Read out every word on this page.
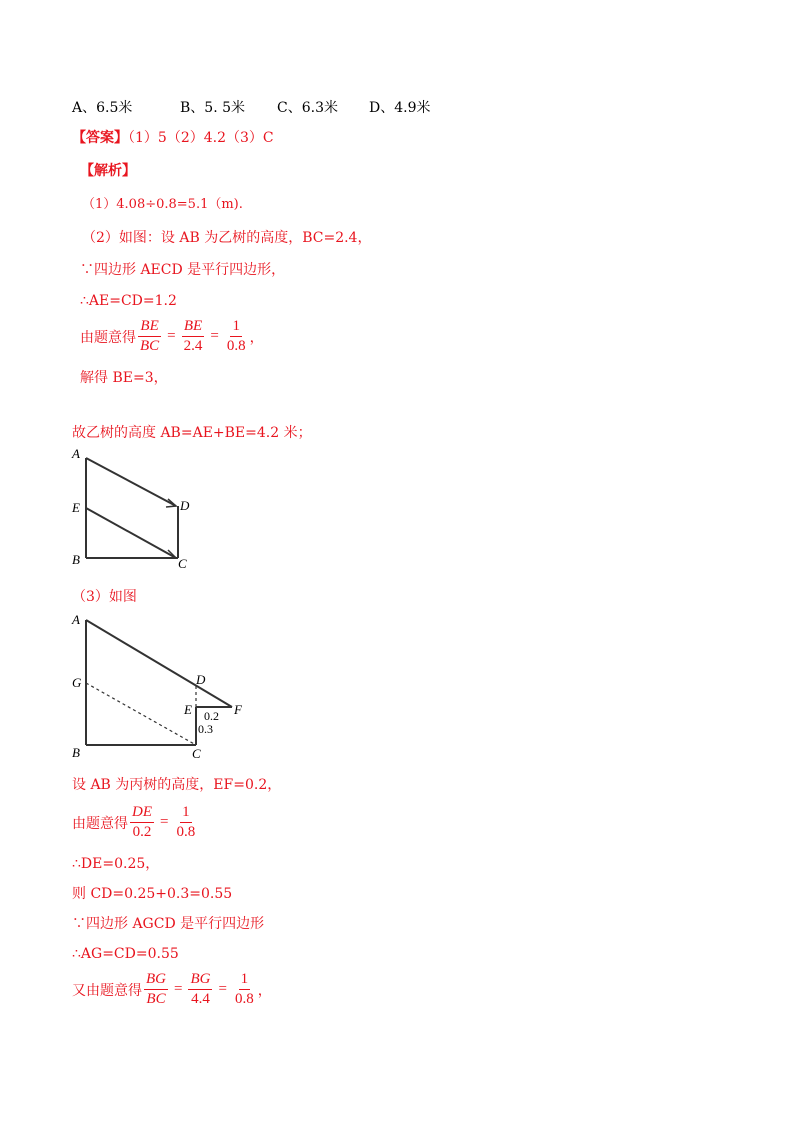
A、6.5米	B、5. 5米 C、6.3米 D、4.9米
【答案】（1）5（2）4.2（3）C
【解析】
（1）4.08÷0.8=5.1（m).
（2）如图：设 AB 为乙树的高度，BC=2.4，
∵四边形 AECD 是平行四边形，
∴AE=CD=1.2
由题意得 $\frac{BE}{BC} = \frac{BE}{2.4} = \frac{1}{0.8}$ ，
解得 BE=3，
故乙树的高度 AB=AE+BE=4.2 米；
A
E
B
D
C
（3）如图
A
G
B
D
E	F
C
0.2
0.3
设 AB 为丙树的高度，EF=0.2，
由题意得 $\frac{DE}{0.2} = \frac{1}{0.8}$
∴DE=0.25，
则 CD=0.25+0.3=0.55
∵四边形 AGCD 是平行四边形
∴AG=CD=0.55
又由题意得 $\frac{BG}{BC} = \frac{BG}{4.4} = \frac{1}{0.8}$ ，
